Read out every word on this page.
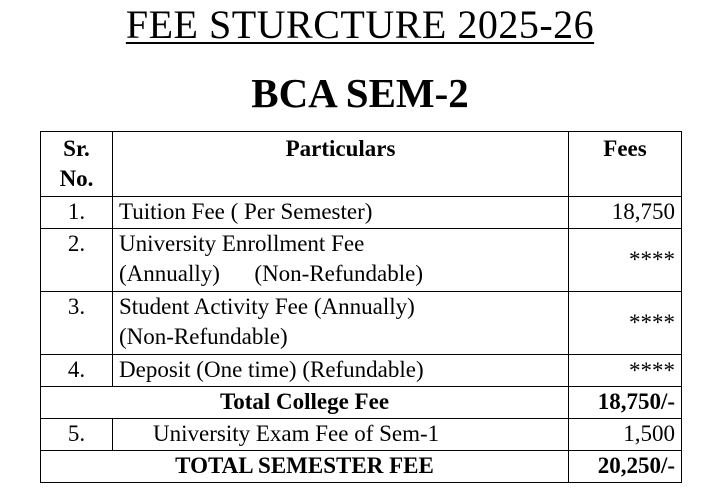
FEE STURCTURE 2025-26
BCA SEM-2
Sr.
No.	Particulars	Fees
1.	Tuition Fee ( Per Semester)	18,750
2.	University Enrollment Fee
(Annually)      (Non-Refundable)	****
3.	Student Activity Fee (Annually)
(Non-Refundable)	****
4.	Deposit (One time) (Refundable)	****
Total College Fee		18,750/-
5.	University Exam Fee of Sem-1	1,500
TOTAL SEMESTER FEE		20,250/-
